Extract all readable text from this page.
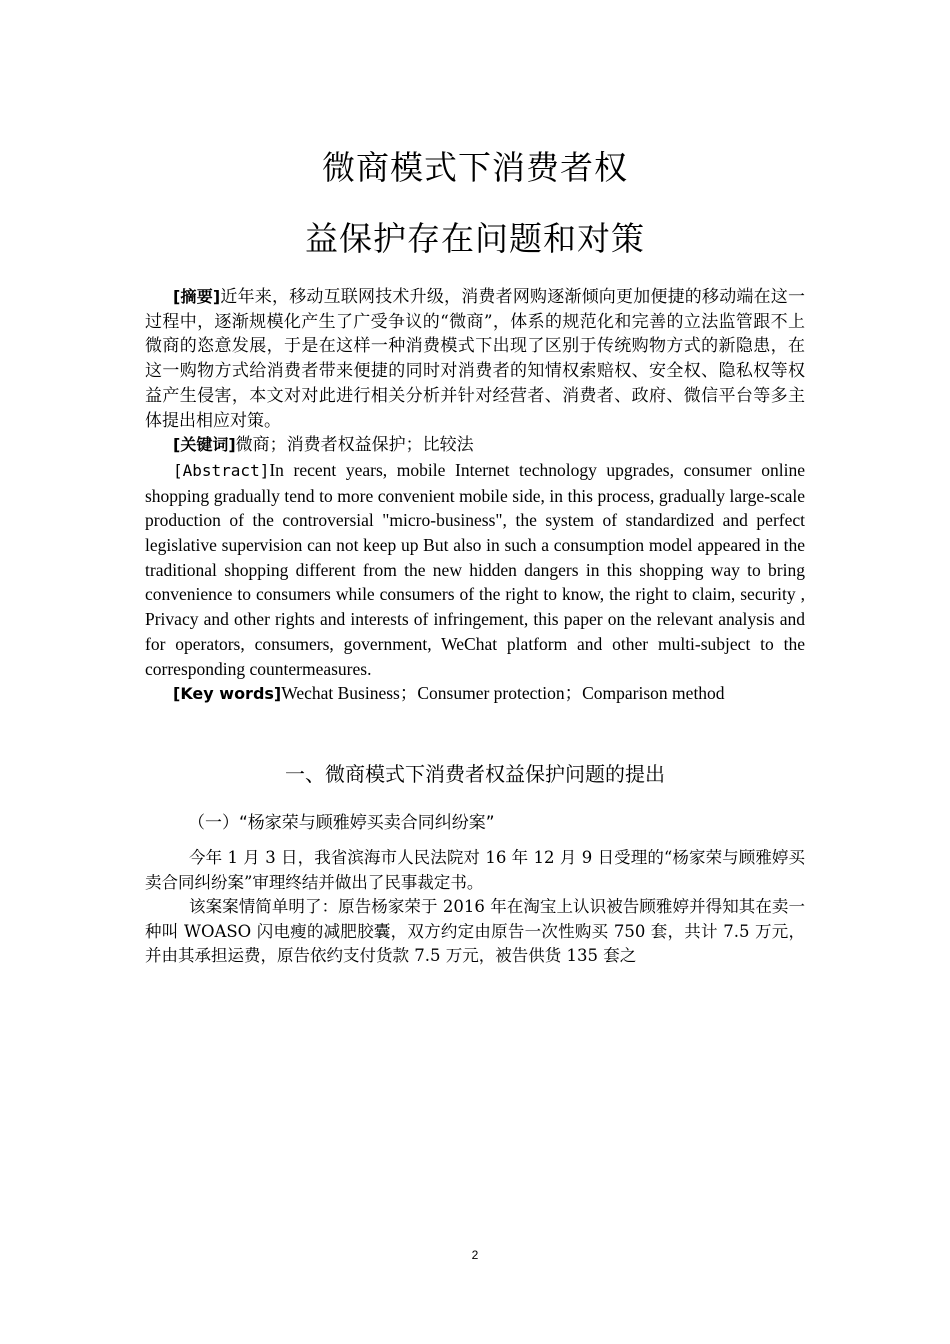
微商模式下消费者权
益保护存在问题和对策

[摘要]近年来，移动互联网技术升级，消费者网购逐渐倾向更加便捷的移动端在这一过程中，逐渐规模化产生了广受争议的“微商”，体系的规范化和完善的立法监管跟不上微商的恣意发展，于是在这样一种消费模式下出现了区别于传统购物方式的新隐患，在这一购物方式给消费者带来便捷的同时对消费者的知情权索赔权、安全权、隐私权等权益产生侵害，本文对对此进行相关分析并针对经营者、消费者、政府、微信平台等多主体提出相应对策。

[关键词]微商；消费者权益保护；比较法

[Abstract]In recent years, mobile Internet technology upgrades, consumer online shopping gradually tend to more convenient mobile side, in this process, gradually large-scale production of the controversial "micro-business", the system of standardized and perfect legislative supervision can not keep up But also in such a consumption model appeared in the traditional shopping different from the new hidden dangers in this shopping way to bring convenience to consumers while consumers of the right to know, the right to claim, security , Privacy and other rights and interests of infringement, this paper on the relevant analysis and for operators, consumers, government, WeChat platform and other multi-subject to the corresponding countermeasures.

[Key words]Wechat Business；Consumer protection；Comparison method

一、微商模式下消费者权益保护问题的提出
（一）“杨家荣与顾雅婷买卖合同纠纷案”

今年 1 月 3 日，我省滨海市人民法院对 16 年 12 月 9 日受理的“杨家荣与顾雅婷买卖合同纠纷案”审理终结并做出了民事裁定书。

该案案情简单明了：原告杨家荣于 2016 年在淘宝上认识被告顾雅婷并得知其在卖一种叫 WOASO 闪电瘦的减肥胶囊，双方约定由原告一次性购买 750 套，共计 7.5 万元，并由其承担运费，原告依约支付货款 7.5 万元，被告供货 135 套之

2
